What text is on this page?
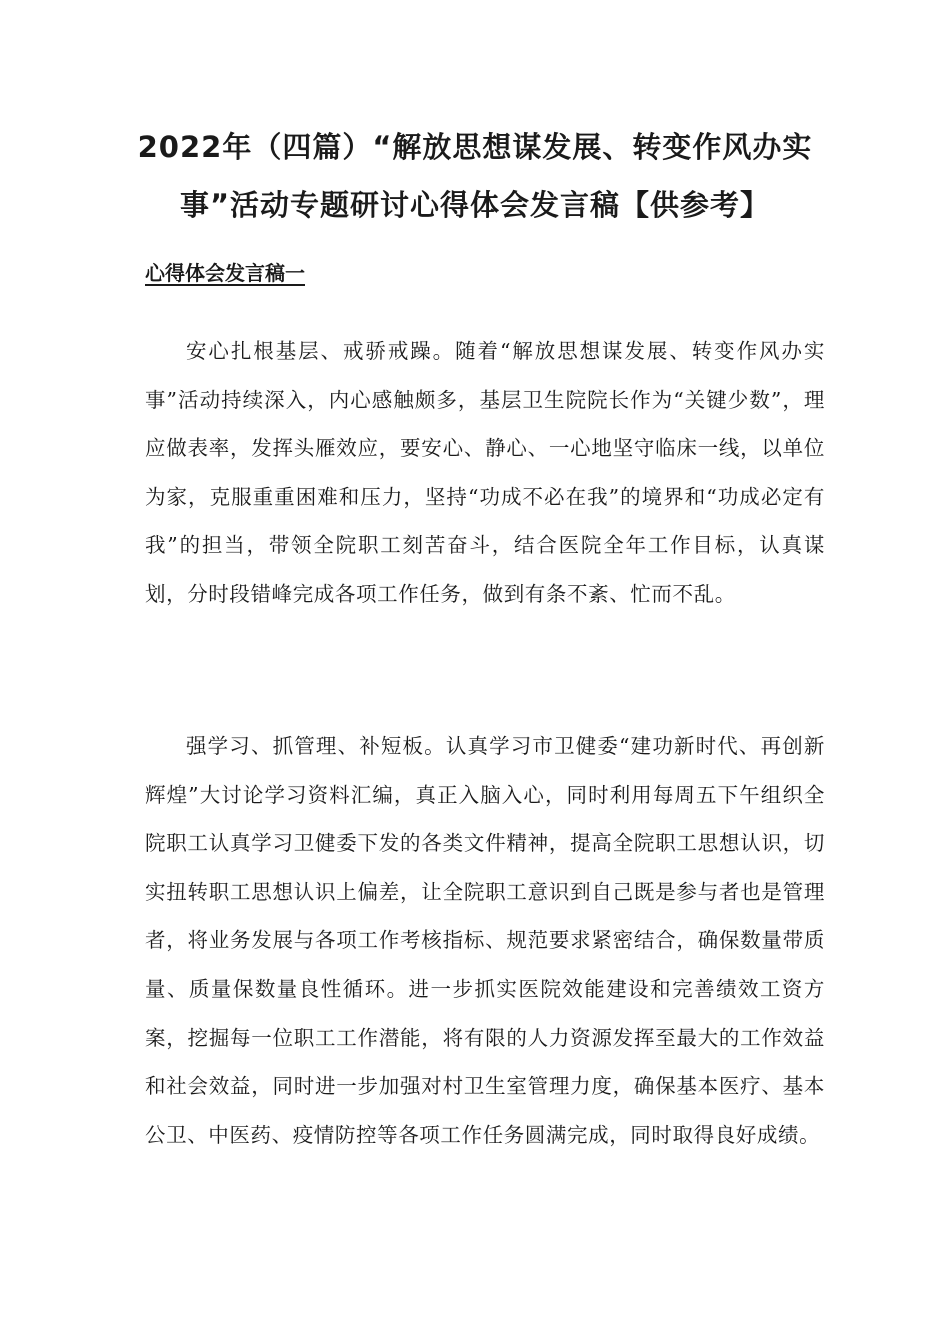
2022年（四篇）“解放思想谋发展、转变作风办实事”活动专题研讨心得体会发言稿【供参考】
心得体会发言稿一

安心扎根基层、戒骄戒躁。随着“解放思想谋发展、转变作风办实事”活动持续深入，内心感触颇多，基层卫生院院长作为“关键少数”，理应做表率，发挥头雁效应，要安心、静心、一心地坚守临床一线，以单位为家，克服重重困难和压力，坚持“功成不必在我”的境界和“功成必定有我”的担当，带领全院职工刻苦奋斗，结合医院全年工作目标，认真谋划，分时段错峰完成各项工作任务，做到有条不紊、忙而不乱。

强学习、抓管理、补短板。认真学习市卫健委“建功新时代、再创新辉煌”大讨论学习资料汇编，真正入脑入心，同时利用每周五下午组织全院职工认真学习卫健委下发的各类文件精神，提高全院职工思想认识，切实扭转职工思想认识上偏差，让全院职工意识到自己既是参与者也是管理者，将业务发展与各项工作考核指标、规范要求紧密结合，确保数量带质量、质量保数量良性循环。进一步抓实医院效能建设和完善绩效工资方案，挖掘每一位职工工作潜能，将有限的人力资源发挥至最大的工作效益和社会效益，同时进一步加强对村卫生室管理力度，确保基本医疗、基本公卫、中医药、疫情防控等各项工作任务圆满完成，同时取得良好成绩。
